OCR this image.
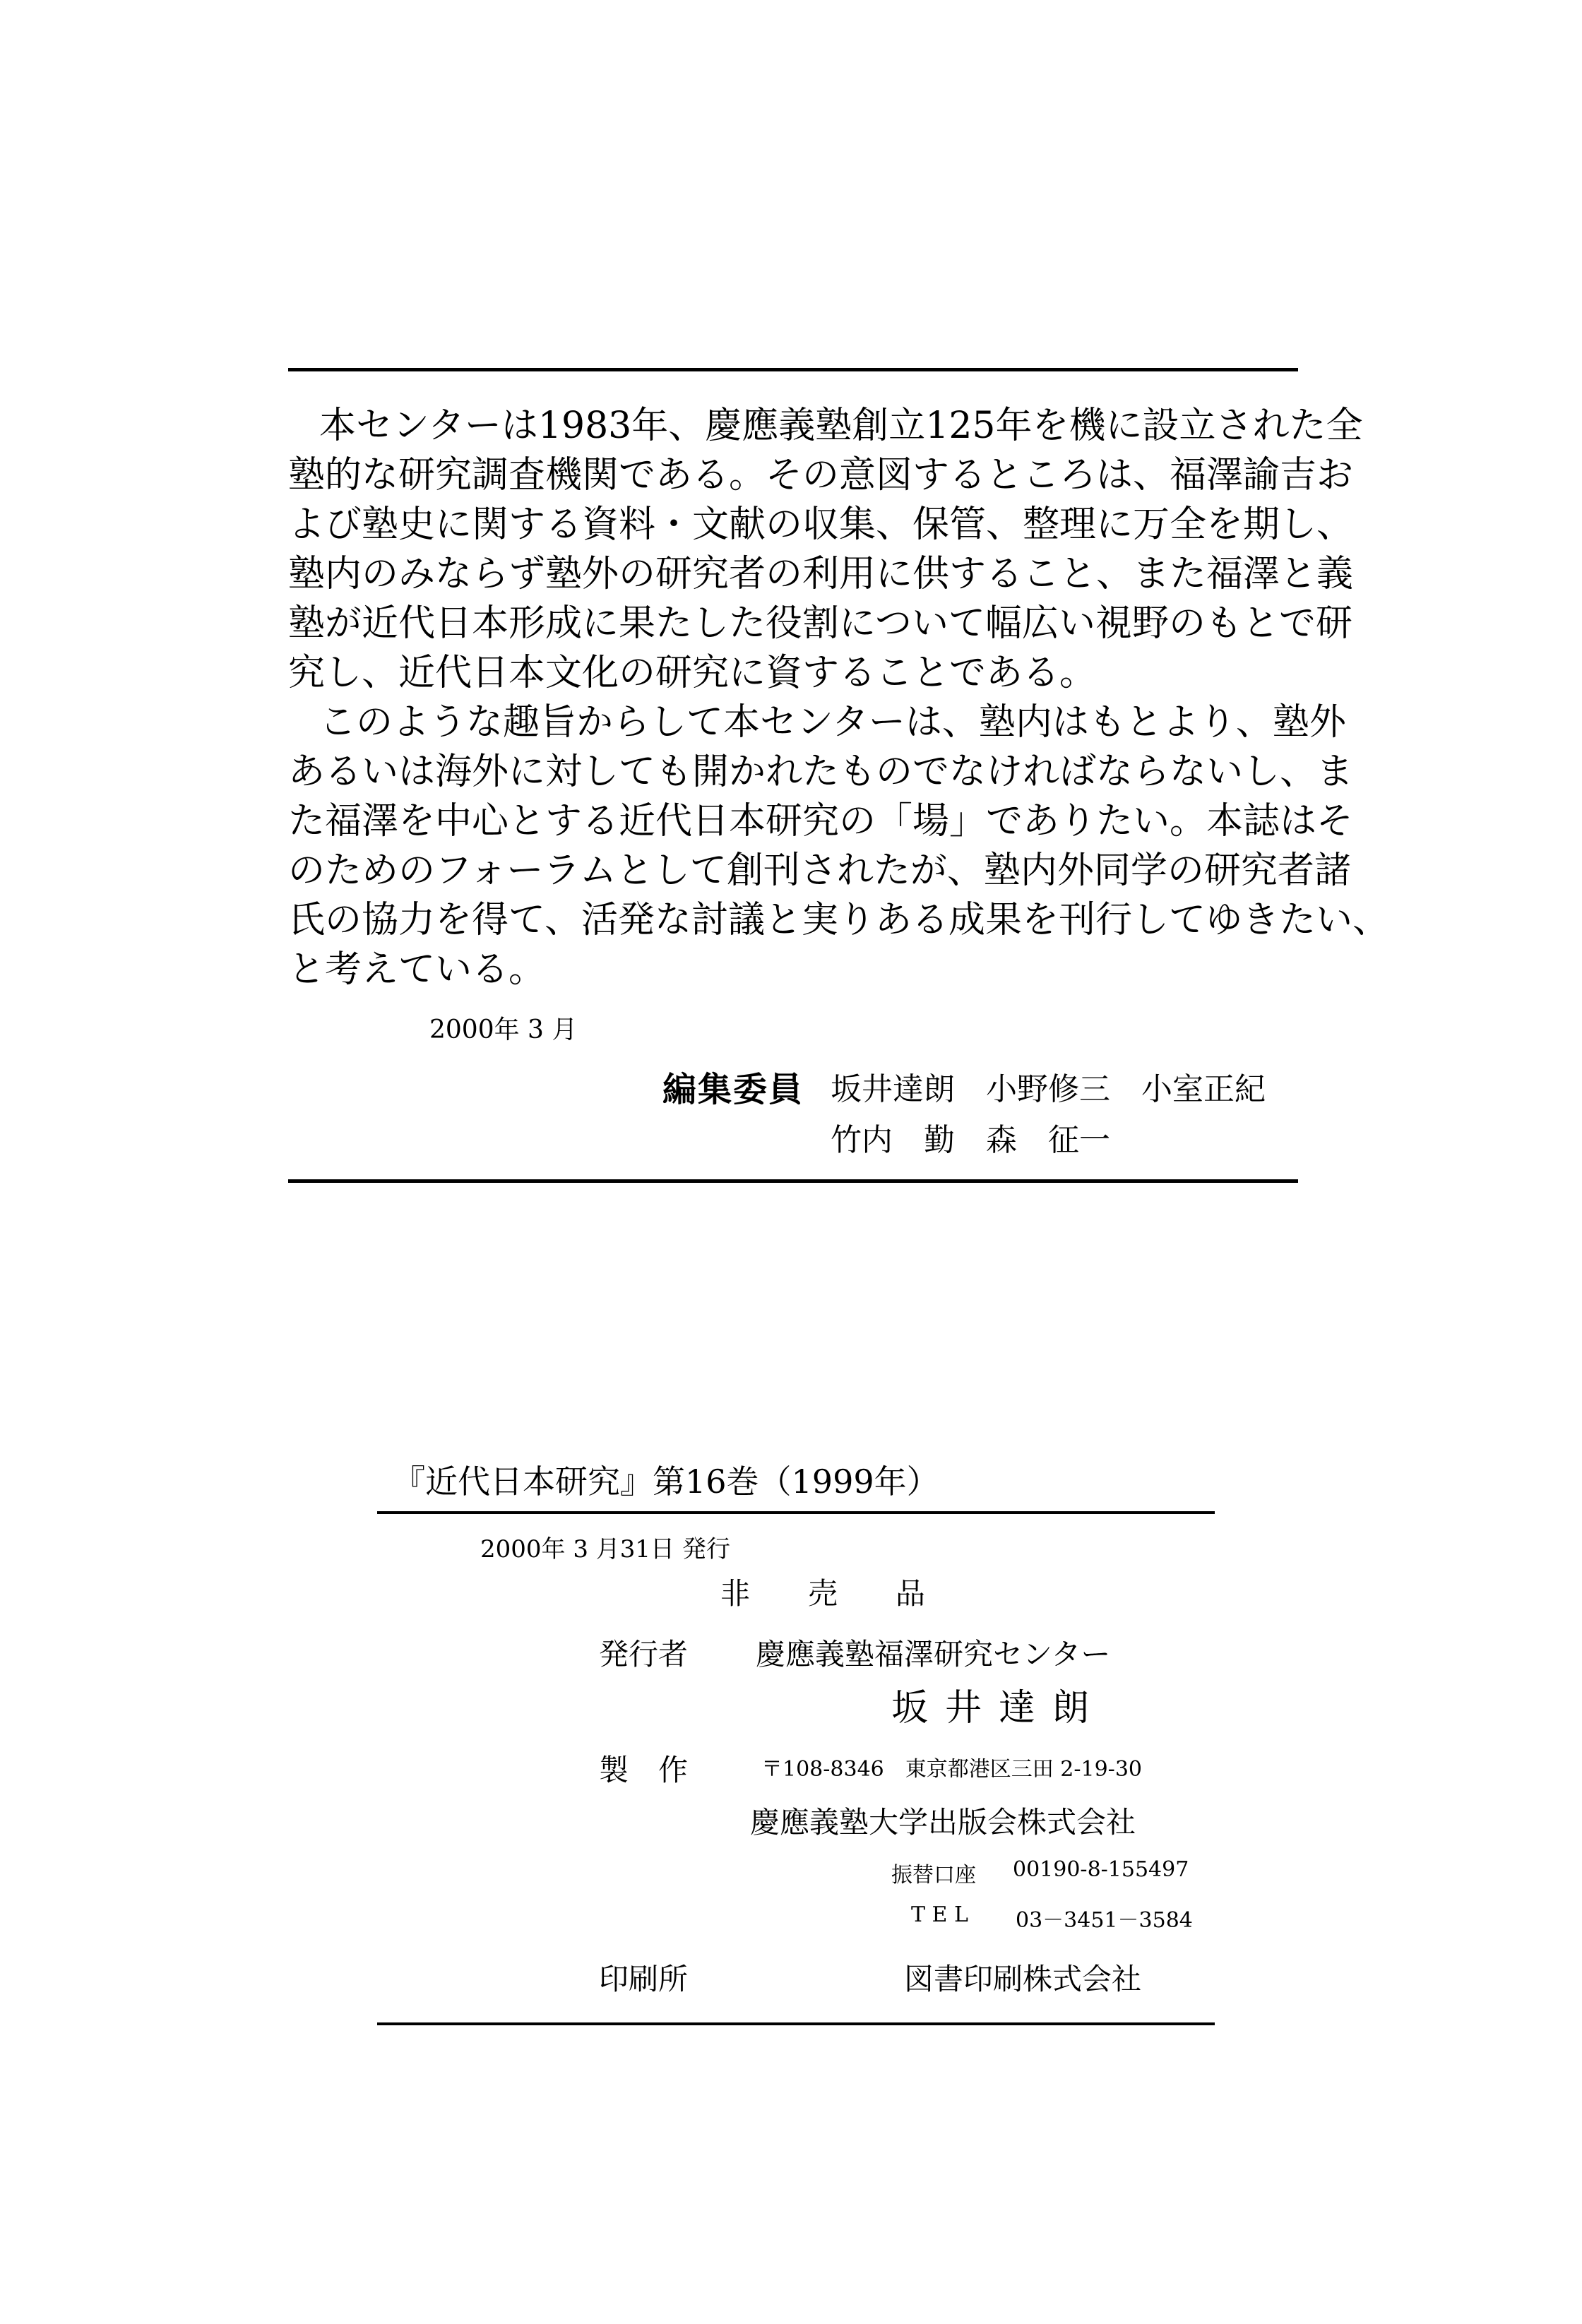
本センターは1983年、慶應義塾創立125年を機に設立された全
塾的な研究調査機関である。その意図するところは、福澤諭吉お
よび塾史に関する資料・文献の収集、保管、整理に万全を期し、
塾内のみならず塾外の研究者の利用に供すること、また福澤と義
塾が近代日本形成に果たした役割について幅広い視野のもとで研
究し、近代日本文化の研究に資することである。
このような趣旨からして本センターは、塾内はもとより、塾外
あるいは海外に対しても開かれたものでなければならないし、ま
た福澤を中心とする近代日本研究の「場」でありたい。本誌はそ
のためのフォーラムとして創刊されたが、塾内外同学の研究者諸
氏の協力を得て、活発な討議と実りある成果を刊行してゆきたい、
と考えている。
2000年 3 月
編集委員 坂井達朗 小野修三 小室正紀
竹内　勤 森　征一
『近代日本研究』第16巻（1999年）
2000年 3 月31日 発行
非　売　品
発行者 慶應義塾福澤研究センター
坂井達朗
製　作	〒108-8346　東京都港区三田 2-19-30
慶應義塾大学出版会株式会社
振替口座 00190-8-155497
T E L 03－3451－3584
印刷所	図書印刷株式会社
